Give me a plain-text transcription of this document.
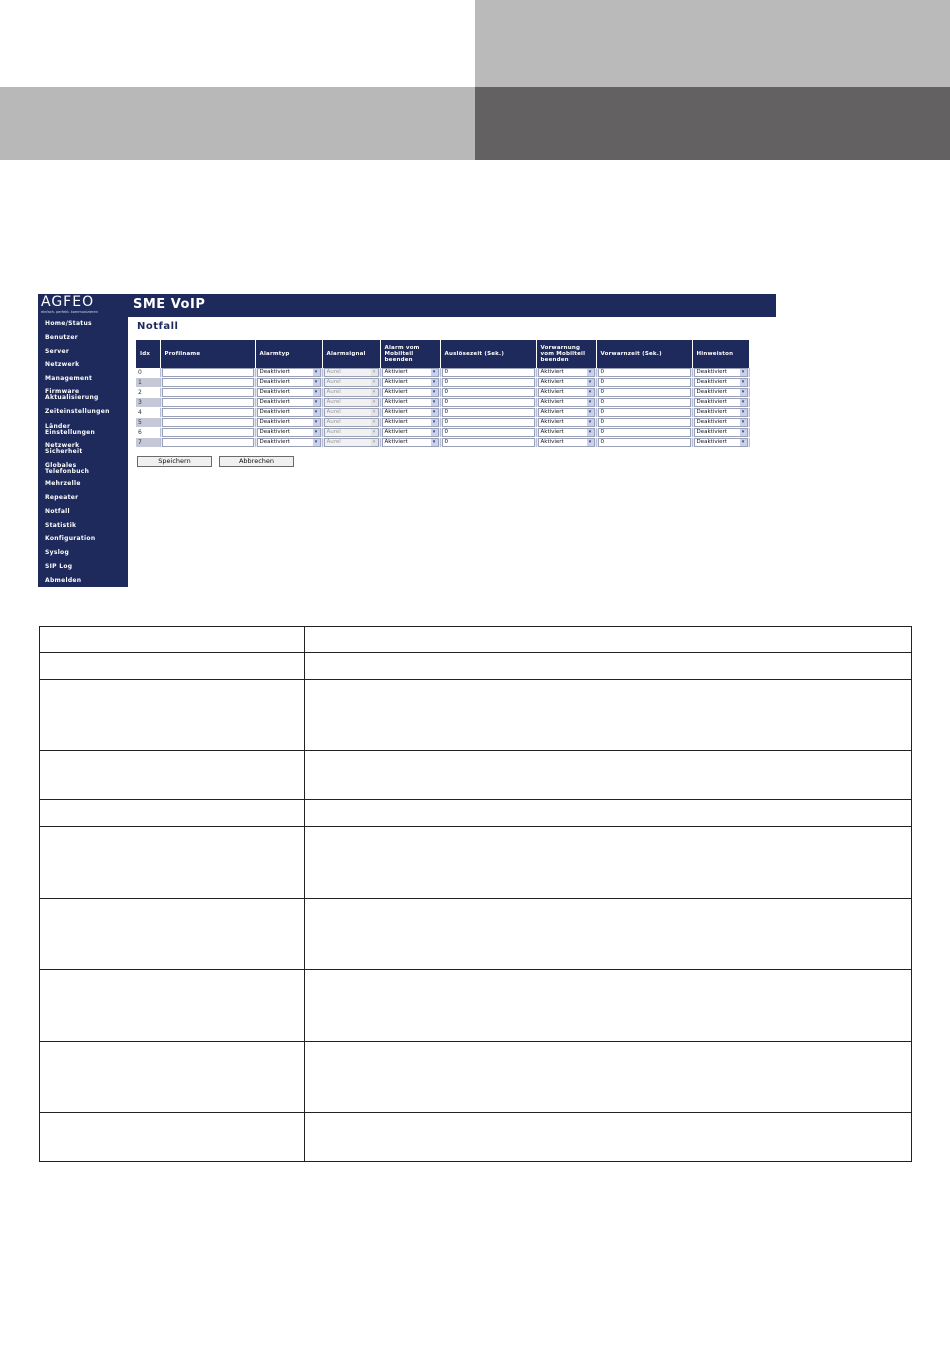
AGFEO
einfach. perfekt. kommunizieren	SME VoIP
Home/Status
Benutzer
Server
Netzwerk
Management
Firmware
Aktualisierung
Zeiteinstellungen
Länder
Einstellungen
Netzwerk
Sicherheit
Globales
Telefonbuch
Mehrzelle
Repeater
Notfall
Statistik
Konfiguration
Syslog
SIP Log
Abmelden
Notfall
Idx	Profilname	Alarmtyp	Alarmsignal	Alarm vom Mobilteil beenden	Auslösezeit (Sek.)	Vorwarnung vom Mobilteil beenden	Vorwarnzeit (Sek.)	Hinweiston
0		Deaktiviert ▾	Aurel ▾	Aktiviert ▾	0	Aktiviert ▾	0	Deaktiviert ▾

1		Deaktiviert ▾	Aurel ▾	Aktiviert ▾	0	Aktiviert ▾	0	Deaktiviert ▾

2		Deaktiviert ▾	Aurel ▾	Aktiviert ▾	0	Aktiviert ▾	0	Deaktiviert ▾

3		Deaktiviert ▾	Aurel ▾	Aktiviert ▾	0	Aktiviert ▾	0	Deaktiviert ▾

4		Deaktiviert ▾	Aurel ▾	Aktiviert ▾	0	Aktiviert ▾	0	Deaktiviert ▾

5		Deaktiviert ▾	Aurel ▾	Aktiviert ▾	0	Aktiviert ▾	0	Deaktiviert ▾

6		Deaktiviert ▾	Aurel ▾	Aktiviert ▾	0	Aktiviert ▾	0	Deaktiviert ▾

7		Deaktiviert ▾	Aurel ▾	Aktiviert ▾	0	Aktiviert ▾	0	Deaktiviert ▾
Speichern	Abbrechen
